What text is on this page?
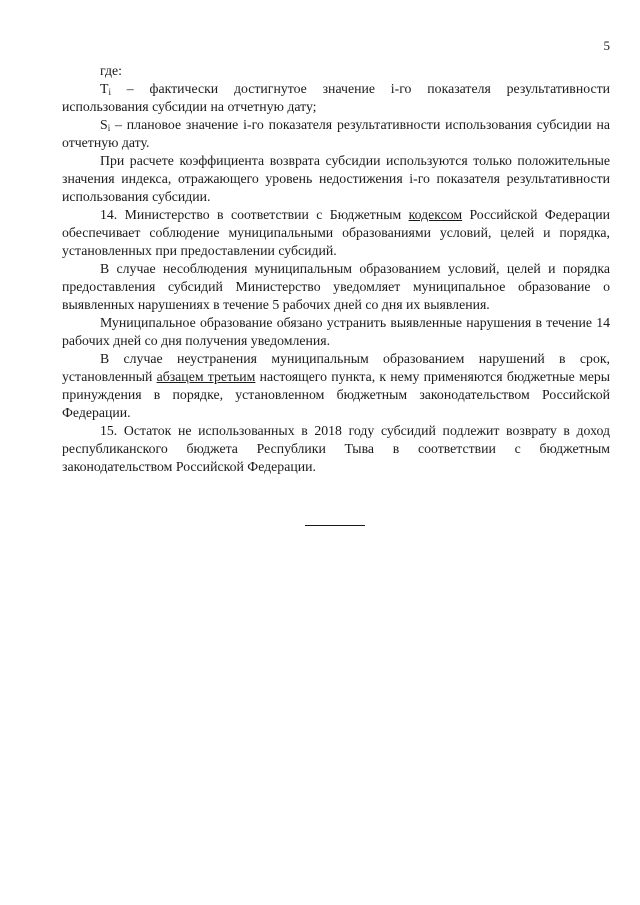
5

где:

$T_i$ – фактически достигнутое значение i-го показателя результативности использования субсидии на отчетную дату;

$S_i$ – плановое значение i-го показателя результативности использования субсидии на отчетную дату.

При расчете коэффициента возврата субсидии используются только положительные значения индекса, отражающего уровень недостижения i-го показателя результативности использования субсидии.

14. Министерство в соответствии с Бюджетным кодексом Российской Федерации обеспечивает соблюдение муниципальными образованиями условий, целей и порядка, установленных при предоставлении субсидий.

В случае несоблюдения муниципальным образованием условий, целей и порядка предоставления субсидий Министерство уведомляет муниципальное образование о выявленных нарушениях в течение 5 рабочих дней со дня их выявления.

Муниципальное образование обязано устранить выявленные нарушения в течение 14 рабочих дней со дня получения уведомления.

В случае неустранения муниципальным образованием нарушений в срок, установленный абзацем третьим настоящего пункта, к нему применяются бюджетные меры принуждения в порядке, установленном бюджетным законодательством Российской Федерации.

15. Остаток не использованных в 2018 году субсидий подлежит возврату в доход республиканского бюджета Республики Тыва в соответствии с бюджетным законодательством Российской Федерации.
